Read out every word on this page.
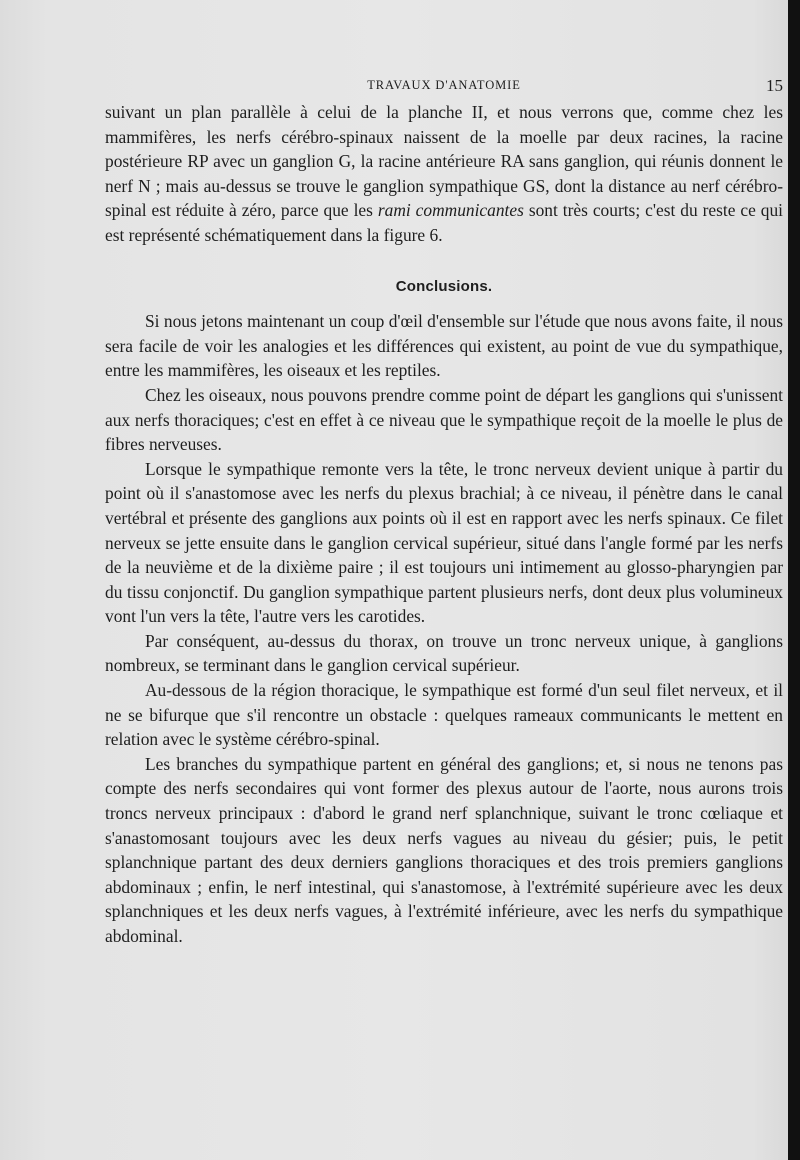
TRAVAUX D'ANATOMIE	15

suivant un plan parallèle à celui de la planche II, et nous verrons que, comme chez les mammifères, les nerfs cérébro-spinaux naissent de la moelle par deux racines, la racine postérieure RP avec un ganglion G, la racine antérieure RA sans ganglion, qui réunis donnent le nerf N ; mais au-dessus se trouve le ganglion sympathique GS, dont la distance au nerf cérébro-spinal est réduite à zéro, parce que les rami communicantes sont très courts; c'est du reste ce qui est représenté schématiquement dans la figure 6.

Conclusions.

Si nous jetons maintenant un coup d'œil d'ensemble sur l'étude que nous avons faite, il nous sera facile de voir les analogies et les différences qui existent, au point de vue du sympathique, entre les mammifères, les oiseaux et les reptiles.

Chez les oiseaux, nous pouvons prendre comme point de départ les ganglions qui s'unissent aux nerfs thoraciques; c'est en effet à ce niveau que le sympathique reçoit de la moelle le plus de fibres nerveuses.

Lorsque le sympathique remonte vers la tête, le tronc nerveux devient unique à partir du point où il s'anastomose avec les nerfs du plexus brachial; à ce niveau, il pénètre dans le canal vertébral et présente des ganglions aux points où il est en rapport avec les nerfs spinaux. Ce filet nerveux se jette ensuite dans le ganglion cervical supérieur, situé dans l'angle formé par les nerfs de la neuvième et de la dixième paire ; il est toujours uni intimement au glosso-pharyngien par du tissu conjonctif. Du ganglion sympathique partent plusieurs nerfs, dont deux plus volumineux vont l'un vers la tête, l'autre vers les carotides.

Par conséquent, au-dessus du thorax, on trouve un tronc nerveux unique, à ganglions nombreux, se terminant dans le ganglion cervical supérieur.

Au-dessous de la région thoracique, le sympathique est formé d'un seul filet nerveux, et il ne se bifurque que s'il rencontre un obstacle : quelques rameaux communicants le mettent en relation avec le système cérébro-spinal.

Les branches du sympathique partent en général des ganglions; et, si nous ne tenons pas compte des nerfs secondaires qui vont former des plexus autour de l'aorte, nous aurons trois troncs nerveux principaux : d'abord le grand nerf splanchnique, suivant le tronc cœliaque et s'anastomosant toujours avec les deux nerfs vagues au niveau du gésier; puis, le petit splanchnique partant des deux derniers ganglions thoraciques et des trois premiers ganglions abdominaux ; enfin, le nerf intestinal, qui s'anastomose, à l'extrémité supérieure avec les deux splanchniques et les deux nerfs vagues, à l'extrémité inférieure, avec les nerfs du sympathique abdominal.
